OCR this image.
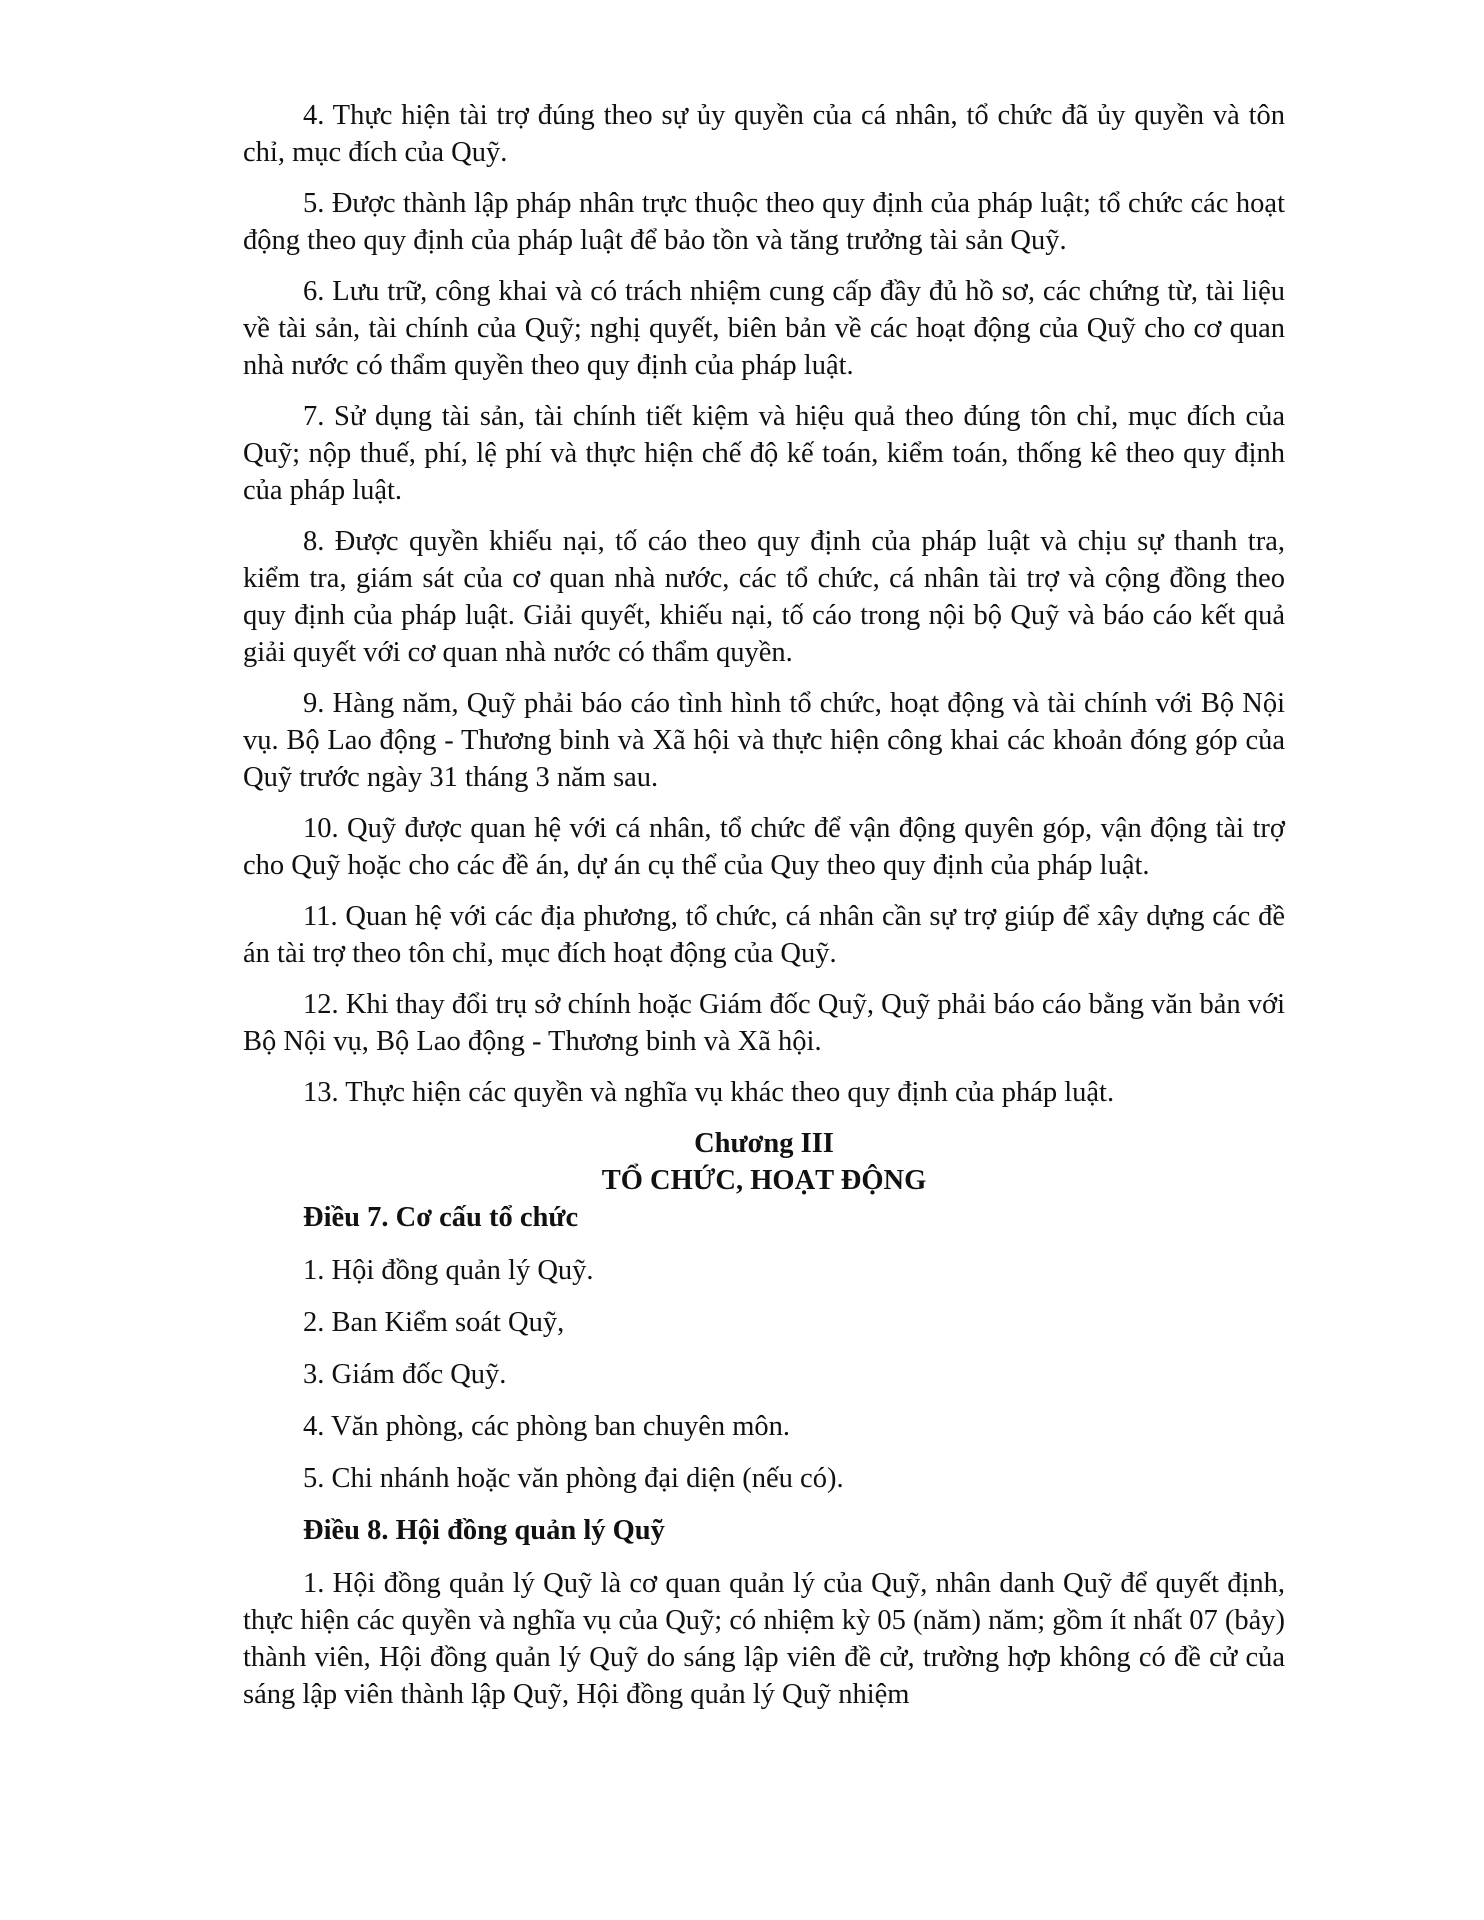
4. Thực hiện tài trợ đúng theo sự ủy quyền của cá nhân, tổ chức đã ủy quyền và tôn chỉ, mục đích của Quỹ.

5. Được thành lập pháp nhân trực thuộc theo quy định của pháp luật; tổ chức các hoạt động theo quy định của pháp luật để bảo tồn và tăng trưởng tài sản Quỹ.

6. Lưu trữ, công khai và có trách nhiệm cung cấp đầy đủ hồ sơ, các chứng từ, tài liệu về tài sản, tài chính của Quỹ; nghị quyết, biên bản về các hoạt động của Quỹ cho cơ quan nhà nước có thẩm quyền theo quy định của pháp luật.

7. Sử dụng tài sản, tài chính tiết kiệm và hiệu quả theo đúng tôn chỉ, mục đích của Quỹ; nộp thuế, phí, lệ phí và thực hiện chế độ kế toán, kiểm toán, thống kê theo quy định của pháp luật.

8. Được quyền khiếu nại, tố cáo theo quy định của pháp luật và chịu sự thanh tra, kiểm tra, giám sát của cơ quan nhà nước, các tổ chức, cá nhân tài trợ và cộng đồng theo quy định của pháp luật. Giải quyết, khiếu nại, tố cáo trong nội bộ Quỹ và báo cáo kết quả giải quyết với cơ quan nhà nước có thẩm quyền.

9. Hàng năm, Quỹ phải báo cáo tình hình tổ chức, hoạt động và tài chính với Bộ Nội vụ. Bộ Lao động - Thương binh và Xã hội và thực hiện công khai các khoản đóng góp của Quỹ trước ngày 31 tháng 3 năm sau.

10. Quỹ được quan hệ với cá nhân, tổ chức để vận động quyên góp, vận động tài trợ cho Quỹ hoặc cho các đề án, dự án cụ thể của Quy theo quy định của pháp luật.

11. Quan hệ với các địa phương, tổ chức, cá nhân cần sự trợ giúp để xây dựng các đề án tài trợ theo tôn chỉ, mục đích hoạt động của Quỹ.

12. Khi thay đổi trụ sở chính hoặc Giám đốc Quỹ, Quỹ phải báo cáo bằng văn bản với Bộ Nội vụ, Bộ Lao động - Thương binh và Xã hội.

13. Thực hiện các quyền và nghĩa vụ khác theo quy định của pháp luật.

Chương III

TỔ CHỨC, HOẠT ĐỘNG

Điều 7. Cơ cấu tổ chức

1. Hội đồng quản lý Quỹ.

2. Ban Kiểm soát Quỹ,

3. Giám đốc Quỹ.

4. Văn phòng, các phòng ban chuyên môn.

5. Chi nhánh hoặc văn phòng đại diện (nếu có).

Điều 8. Hội đồng quản lý Quỹ

1. Hội đồng quản lý Quỹ là cơ quan quản lý của Quỹ, nhân danh Quỹ để quyết định, thực hiện các quyền và nghĩa vụ của Quỹ; có nhiệm kỳ 05 (năm) năm; gồm ít nhất 07 (bảy) thành viên, Hội đồng quản lý Quỹ do sáng lập viên đề cử, trường hợp không có đề cử của sáng lập viên thành lập Quỹ, Hội đồng quản lý Quỹ nhiệm
